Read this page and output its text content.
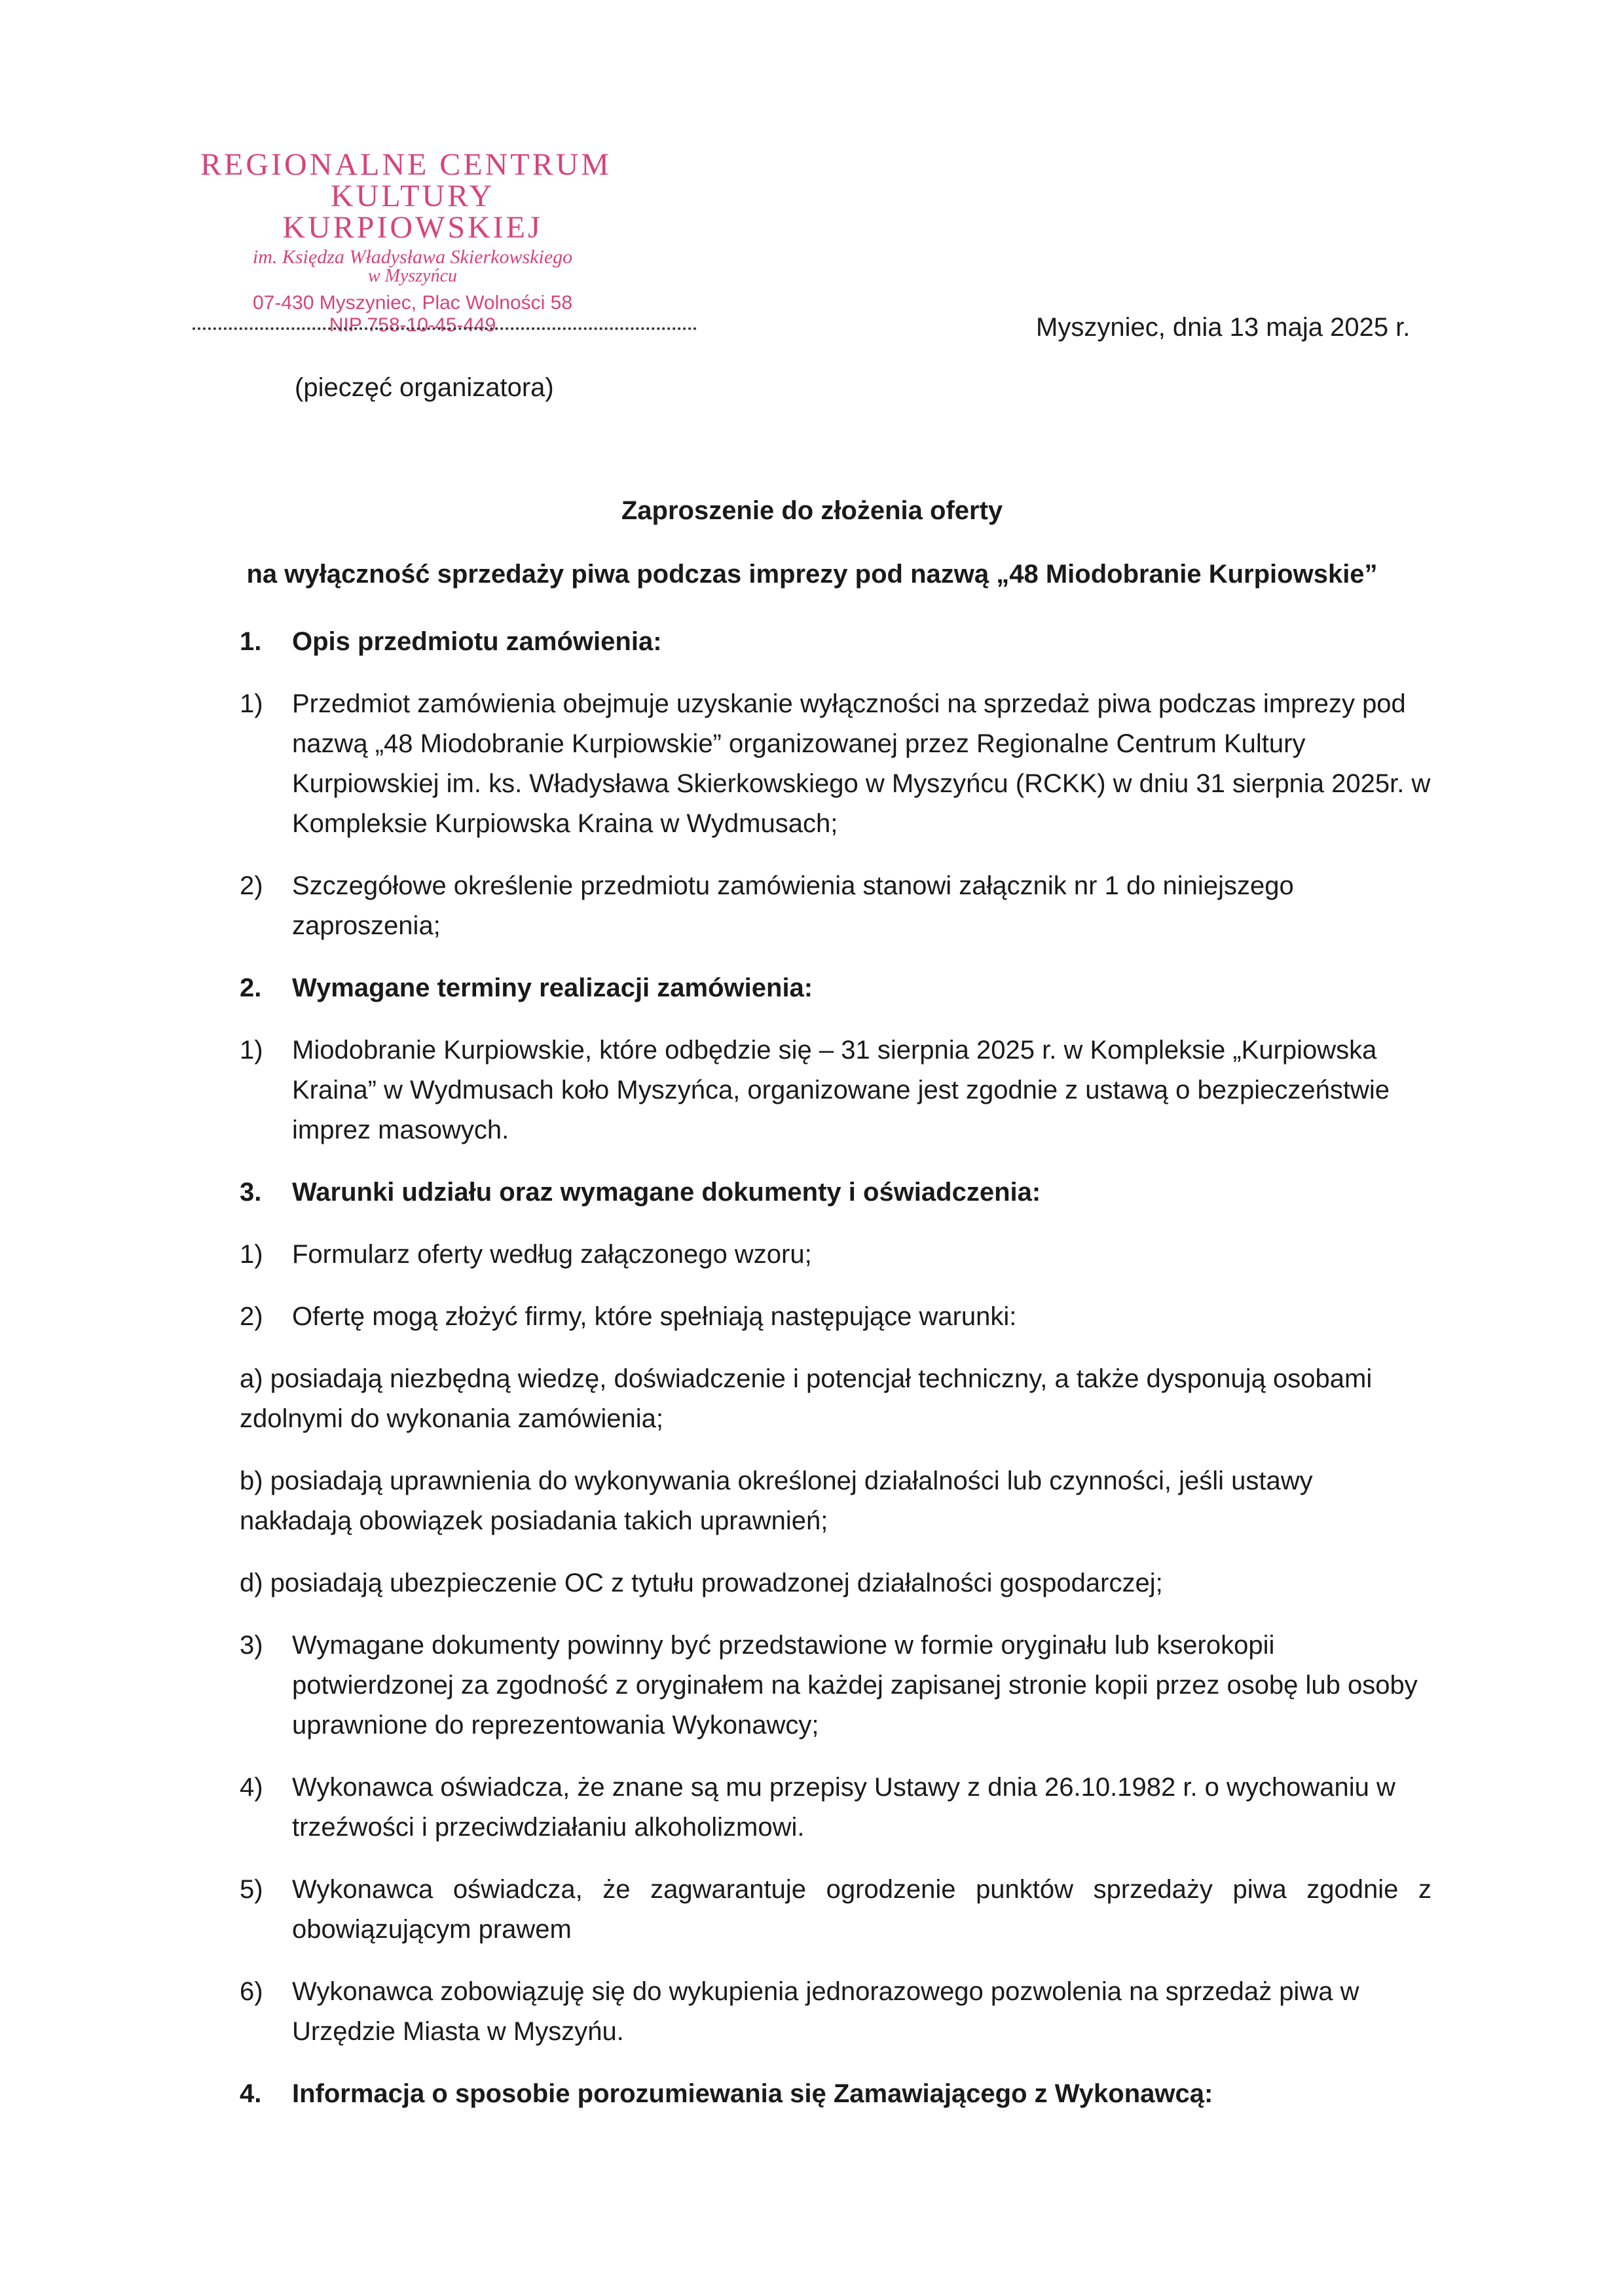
REGIONALNE CENTRUM
KULTURY KURPIOWSKIEJ
im. Księdza Władysława Skierkowskiego
w Myszyńcu
07-430 Myszyniec, Plac Wolności 58
NIP 758-10-45-449
(pieczęć organizatora)
Myszyniec, dnia 13 maja 2025 r.
Zaproszenie do złożenia oferty
na wyłączność sprzedaży piwa podczas imprezy pod nazwą „48 Miodobranie Kurpiowskie”
1.	Opis przedmiotu zamówienia:
1)	Przedmiot zamówienia obejmuje uzyskanie wyłączności na sprzedaż piwa podczas imprezy pod nazwą „48 Miodobranie Kurpiowskie” organizowanej przez Regionalne Centrum Kultury Kurpiowskiej im. ks. Władysława Skierkowskiego w Myszyńcu (RCKK) w dniu 31 sierpnia 2025r. w Kompleksie Kurpiowska Kraina w Wydmusach;
2)	Szczegółowe określenie przedmiotu zamówienia stanowi załącznik nr 1 do niniejszego zaproszenia;
2.	Wymagane terminy realizacji zamówienia:
1)	Miodobranie Kurpiowskie, które odbędzie się – 31 sierpnia 2025 r. w Kompleksie „Kurpiowska Kraina” w Wydmusach koło Myszyńca, organizowane jest zgodnie z ustawą o bezpieczeństwie imprez masowych.
3.	Warunki udziału oraz wymagane dokumenty i oświadczenia:
1)	Formularz oferty według załączonego wzoru;
2)	Ofertę mogą złożyć firmy, które spełniają następujące warunki:
a) posiadają niezbędną wiedzę, doświadczenie i potencjał techniczny, a także dysponują osobami zdolnymi do wykonania zamówienia;
b) posiadają uprawnienia do wykonywania określonej działalności lub czynności, jeśli ustawy nakładają obowiązek posiadania takich uprawnień;
d) posiadają ubezpieczenie OC z tytułu prowadzonej działalności gospodarczej;
3)	Wymagane dokumenty powinny być przedstawione w formie oryginału lub kserokopii potwierdzonej za zgodność z oryginałem na każdej zapisanej stronie kopii przez osobę lub osoby uprawnione do reprezentowania Wykonawcy;
4)	Wykonawca oświadcza, że znane są mu przepisy Ustawy z dnia 26.10.1982 r. o wychowaniu w trzeźwości i przeciwdziałaniu alkoholizmowi.
5)	Wykonawca oświadcza, że zagwarantuje ogrodzenie punktów sprzedaży piwa zgodnie z obowiązującym prawem
6)	Wykonawca zobowiązuję się do wykupienia jednorazowego pozwolenia na sprzedaż piwa w Urzędzie Miasta w Myszyńu.
4.	Informacja o sposobie porozumiewania się Zamawiającego z Wykonawcą:
